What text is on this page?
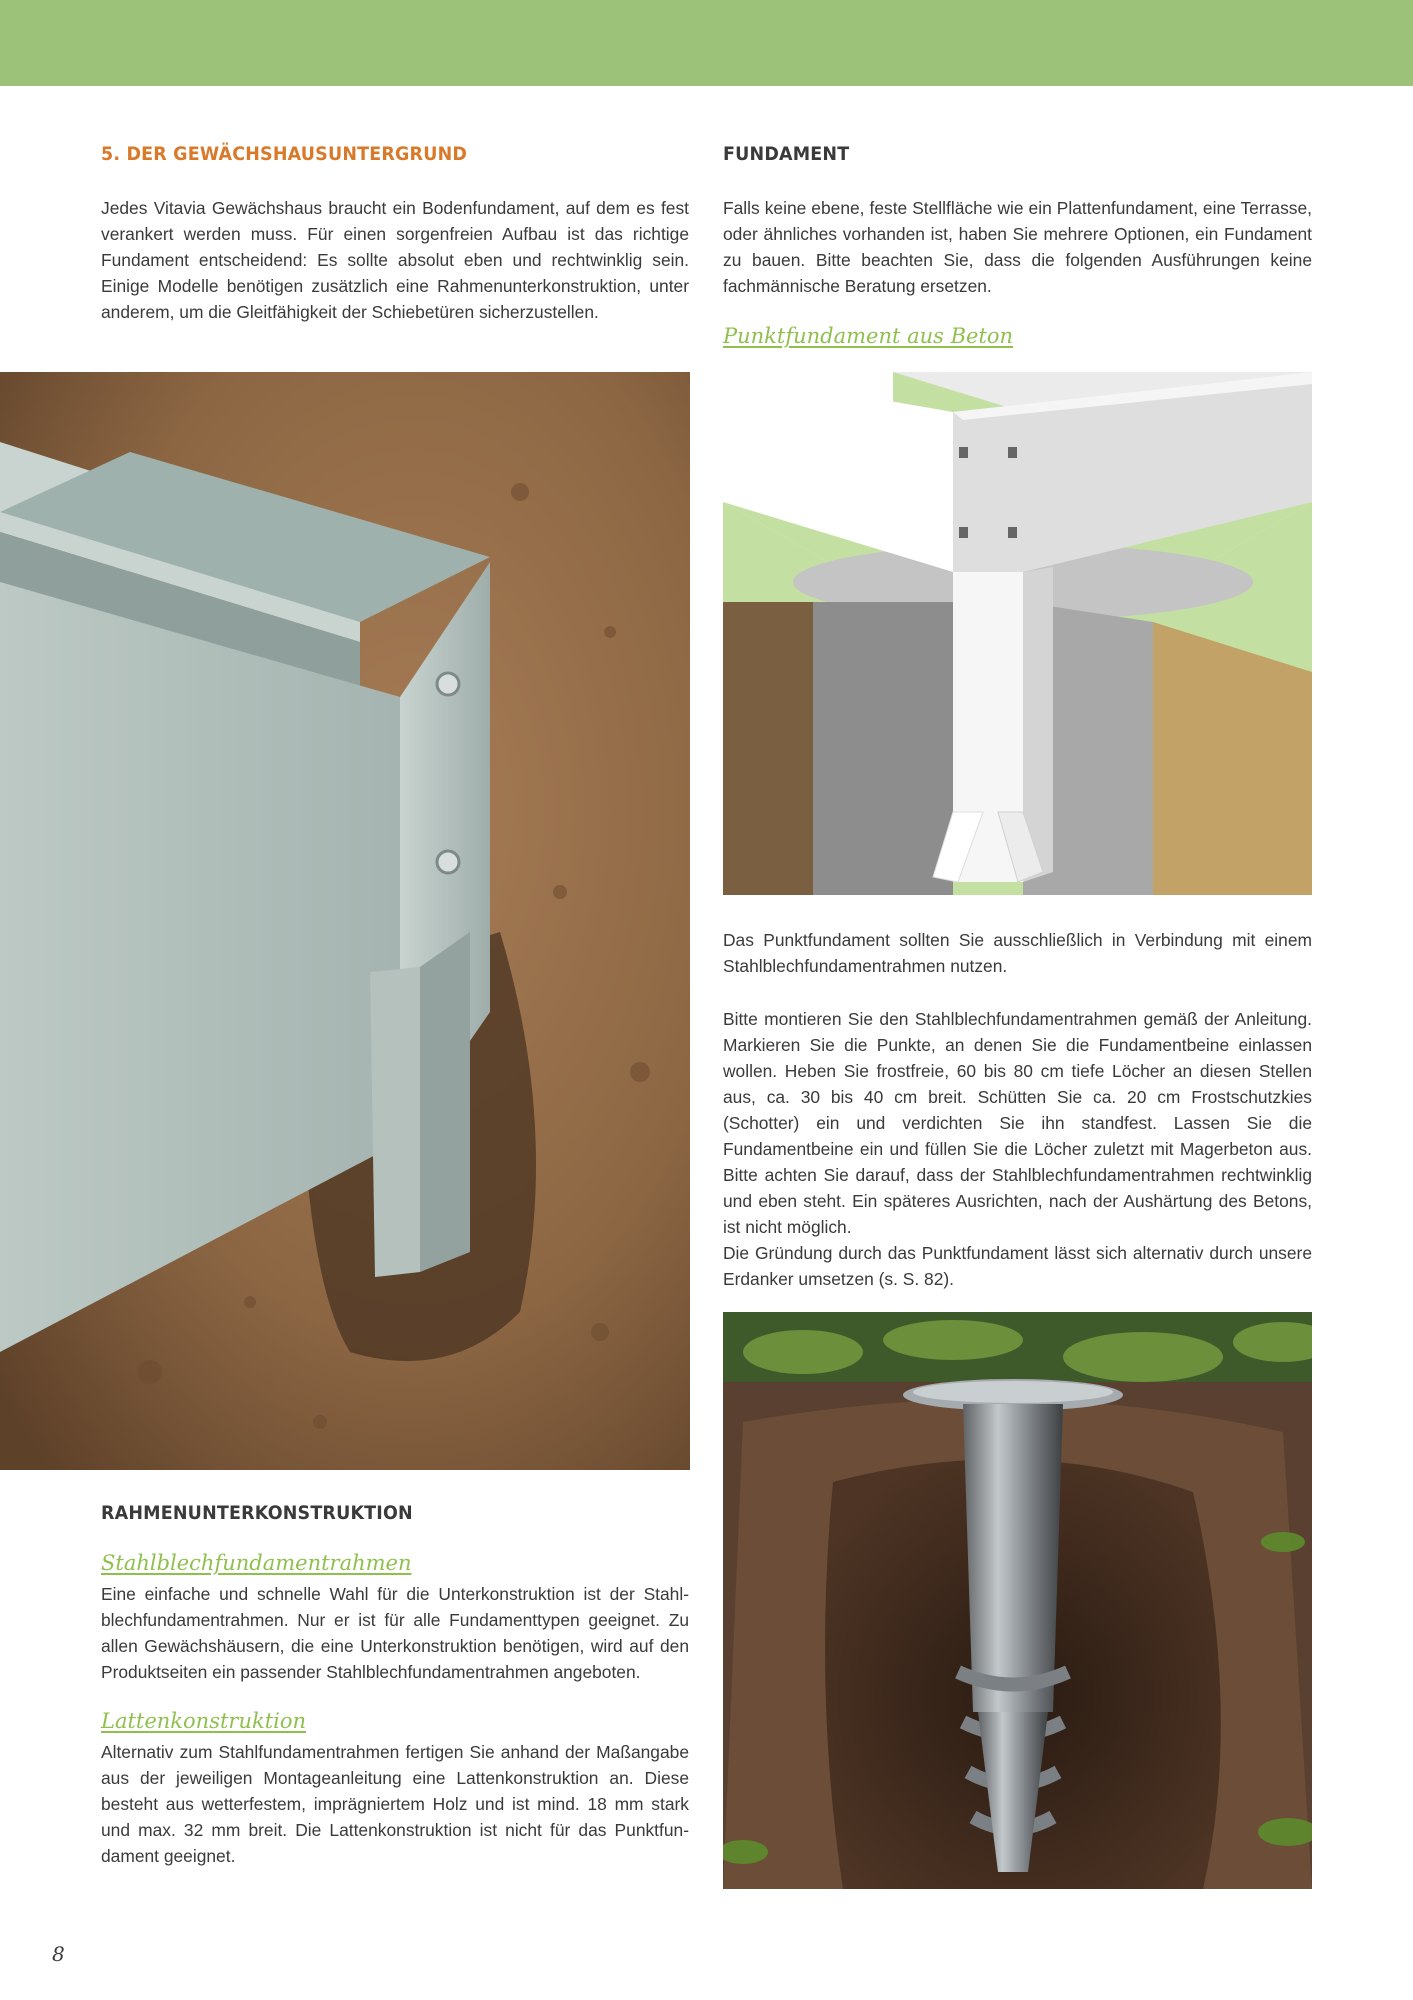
5. DER GEWÄCHSHAUSUNTERGRUND

Jedes Vitavia Gewächshaus braucht ein Bodenfundament, auf dem es fest verankert werden muss. Für einen sorgenfreien Aufbau ist das richtige Fundament entscheidend: Es sollte absolut eben und rechtwinklig sein. Einige Modelle benötigen zusätzlich eine Rahmenunterkonstruktion, unter anderem, um die Gleitfähigkeit der Schiebetüren sicherzustellen.

RAHMENUNTERKONSTRUKTION

Stahlblechfundamentrahmen

Eine einfache und schnelle Wahl für die Unterkonstruktion ist der Stahlblechfundamentrahmen. Nur er ist für alle Fundamenttypen geeignet. Zu allen Gewächshäusern, die eine Unterkonstruktion benötigen, wird auf den Produktseiten ein passender Stahlblechfundamentrahmen angeboten.

Lattenkonstruktion

Alternativ zum Stahlfundamentrahmen fertigen Sie anhand der Maßangabe aus der jeweiligen Montageanleitung eine Lattenkonstruktion an. Diese besteht aus wetterfestem, imprägniertem Holz und ist mind. 18 mm stark und max. 32 mm breit. Die Lattenkonstruktion ist nicht für das Punktfundament geeignet.

FUNDAMENT

Falls keine ebene, feste Stellfläche wie ein Plattenfundament, eine Terrasse, oder ähnliches vorhanden ist, haben Sie mehrere Optionen, ein Fundament zu bauen. Bitte beachten Sie, dass die folgenden Ausführungen keine fachmännische Beratung ersetzen.

Punktfundament aus Beton

Das Punktfundament sollten Sie ausschließlich in Verbindung mit einem Stahlblechfundamentrahmen nutzen.

Bitte montieren Sie den Stahlblechfundamentrahmen gemäß der Anleitung. Markieren Sie die Punkte, an denen Sie die Fundamentbeine einlassen wollen. Heben Sie frostfreie, 60 bis 80 cm tiefe Löcher an diesen Stellen aus, ca. 30 bis 40 cm breit. Schütten Sie ca. 20 cm Frostschutzkies (Schotter) ein und verdichten Sie ihn standfest. Lassen Sie die Fundamentbeine ein und füllen Sie die Löcher zuletzt mit Magerbeton aus. Bitte achten Sie darauf, dass der Stahlblechfundamentrahmen rechtwinklig und eben steht. Ein späteres Ausrichten, nach der Aushärtung des Betons, ist nicht möglich.

Die Gründung durch das Punktfundament lässt sich alternativ durch unsere Erdanker umsetzen (s. S. 82).

8
